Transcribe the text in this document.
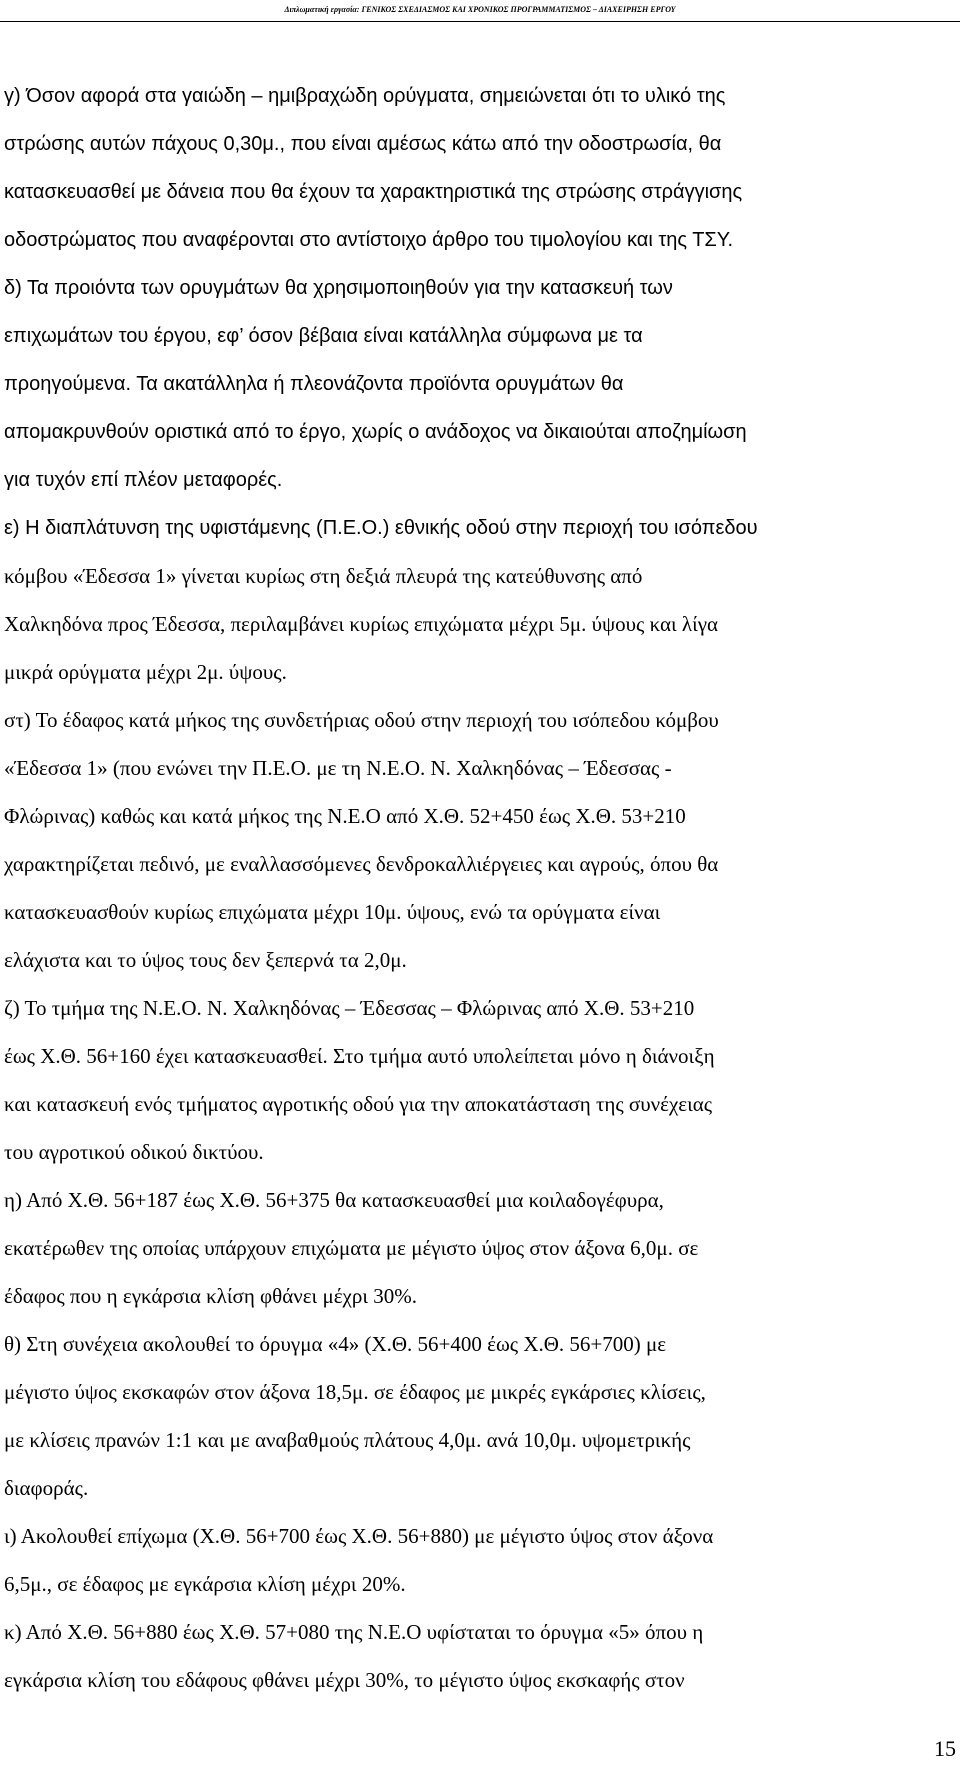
Διπλωματική εργασία: ΓΕΝΙΚΟΣ ΣΧΕΔΙΑΣΜΟΣ ΚΑΙ ΧΡΟΝΙΚΟΣ ΠΡΟΓΡΑΜΜΑΤΙΣΜΟΣ – ΔΙΑΧΕΙΡΗΣΗ ΕΡΓΟΥ
γ) Όσον αφορά στα γαιώδη – ημιβραχώδη ορύγματα, σημειώνεται ότι το υλικό της
στρώσης αυτών πάχους 0,30μ., που είναι αμέσως κάτω από την οδοστρωσία, θα
κατασκευασθεί με δάνεια που θα έχουν τα χαρακτηριστικά της στρώσης στράγγισης
οδοστρώματος που αναφέρονται στο αντίστοιχο άρθρο του τιμολογίου και της ΤΣΥ.
δ) Τα προιόντα των ορυγμάτων θα χρησιμοποιηθούν για την κατασκευή των
επιχωμάτων του έργου, εφ’ όσον βέβαια είναι κατάλληλα σύμφωνα με τα
προηγούμενα. Τα ακατάλληλα ή πλεονάζοντα προϊόντα ορυγμάτων θα
απομακρυνθούν οριστικά από το έργο, χωρίς ο ανάδοχος να δικαιούται αποζημίωση
για τυχόν επί πλέον μεταφορές.
ε) Η διαπλάτυνση της υφιστάμενης (Π.Ε.Ο.) εθνικής οδού στην περιοχή του ισόπεδου
κόμβου «Έδεσσα 1» γίνεται κυρίως στη δεξιά πλευρά της κατεύθυνσης από
Χαλκηδόνα προς Έδεσσα, περιλαμβάνει κυρίως επιχώματα μέχρι 5μ. ύψους και λίγα
μικρά ορύγματα μέχρι 2μ. ύψους.
στ) Το έδαφος κατά μήκος της συνδετήριας οδού στην περιοχή του ισόπεδου κόμβου
«Έδεσσα 1» (που ενώνει την Π.Ε.Ο. με τη Ν.Ε.Ο. Ν. Χαλκηδόνας – Έδεσσας -
Φλώρινας) καθώς και κατά μήκος της Ν.Ε.Ο από Χ.Θ. 52+450 έως Χ.Θ. 53+210
χαρακτηρίζεται πεδινό, με εναλλασσόμενες δενδροκαλλιέργειες και αγρούς, όπου θα
κατασκευασθούν κυρίως επιχώματα μέχρι 10μ. ύψους, ενώ τα ορύγματα είναι
ελάχιστα και το ύψος τους δεν ξεπερνά τα 2,0μ.
ζ) Το τμήμα της Ν.Ε.Ο. Ν. Χαλκηδόνας – Έδεσσας – Φλώρινας από Χ.Θ. 53+210
έως Χ.Θ. 56+160 έχει κατασκευασθεί. Στο τμήμα αυτό υπολείπεται μόνο η διάνοιξη
και κατασκευή ενός τμήματος αγροτικής οδού για την αποκατάσταση της συνέχειας
του αγροτικού οδικού δικτύου.
η) Από Χ.Θ. 56+187 έως Χ.Θ. 56+375 θα κατασκευασθεί μια κοιλαδογέφυρα,
εκατέρωθεν της οποίας υπάρχουν επιχώματα με μέγιστο ύψος στον άξονα 6,0μ. σε
έδαφος που η εγκάρσια κλίση φθάνει μέχρι 30%.
θ) Στη συνέχεια ακολουθεί το όρυγμα «4» (Χ.Θ. 56+400 έως Χ.Θ. 56+700) με
μέγιστο ύψος εκσκαφών στον άξονα 18,5μ. σε έδαφος με μικρές εγκάρσιες κλίσεις,
με κλίσεις πρανών 1:1 και με αναβαθμούς πλάτους 4,0μ. ανά 10,0μ. υψομετρικής
διαφοράς.
ι) Ακολουθεί επίχωμα (Χ.Θ. 56+700 έως Χ.Θ. 56+880) με μέγιστο ύψος στον άξονα
6,5μ., σε έδαφος με εγκάρσια κλίση μέχρι 20%.
κ) Από Χ.Θ. 56+880 έως Χ.Θ. 57+080 της Ν.Ε.Ο υφίσταται το όρυγμα «5» όπου η
εγκάρσια κλίση του εδάφους φθάνει μέχρι 30%, το μέγιστο ύψος εκσκαφής στον
15
